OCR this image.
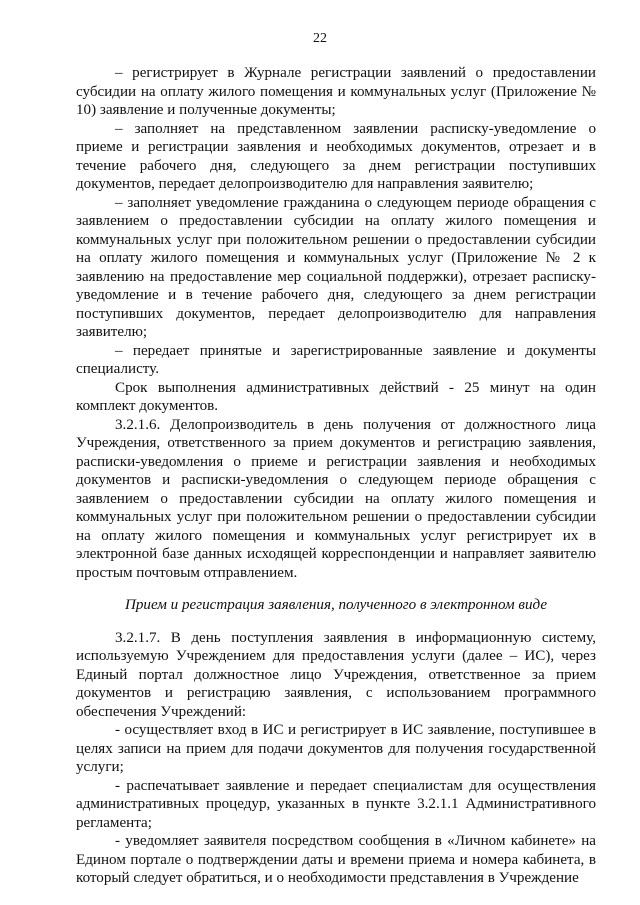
22

– регистрирует в Журнале регистрации заявлений о предоставлении субсидии на оплату жилого помещения и коммунальных услуг (Приложение № 10) заявление и полученные документы;

– заполняет на представленном заявлении расписку-уведомление о приеме и регистрации заявления и необходимых документов, отрезает и в течение рабочего дня, следующего за днем регистрации поступивших документов, передает делопроизводителю для направления заявителю;

– заполняет уведомление гражданина о следующем периоде обращения с заявлением о предоставлении субсидии на оплату жилого помещения и коммунальных услуг при положительном решении о предоставлении субсидии на оплату жилого помещения и коммунальных услуг (Приложение № 2 к заявлению на предоставление мер социальной поддержки), отрезает расписку-уведомление и в течение рабочего дня, следующего за днем регистрации поступивших документов, передает делопроизводителю для направления заявителю;

– передает принятые и зарегистрированные заявление и документы специалисту.

Срок выполнения административных действий - 25 минут на один комплект документов.

3.2.1.6. Делопроизводитель в день получения от должностного лица Учреждения, ответственного за прием документов и регистрацию заявления, расписки-уведомления о приеме и регистрации заявления и необходимых документов и расписки-уведомления о следующем периоде обращения с заявлением о предоставлении субсидии на оплату жилого помещения и коммунальных услуг при положительном решении о предоставлении субсидии на оплату жилого помещения и коммунальных услуг регистрирует их в электронной базе данных исходящей корреспонденции и направляет заявителю простым почтовым отправлением.

Прием и регистрация заявления, полученного в электронном виде

3.2.1.7. В день поступления заявления в информационную систему, используемую Учреждением для предоставления услуги (далее – ИС), через Единый портал должностное лицо Учреждения, ответственное за прием документов и регистрацию заявления, с использованием программного обеспечения Учреждений:

- осуществляет вход в ИС и регистрирует в ИС заявление, поступившее в целях записи на прием для подачи документов для получения государственной услуги;

- распечатывает заявление и передает специалистам для осуществления административных процедур, указанных в пункте 3.2.1.1 Административного регламента;

- уведомляет заявителя посредством сообщения в «Личном кабинете» на Едином портале о подтверждении даты и времени приема и номера кабинета, в который следует обратиться, и о необходимости представления в Учреждение
